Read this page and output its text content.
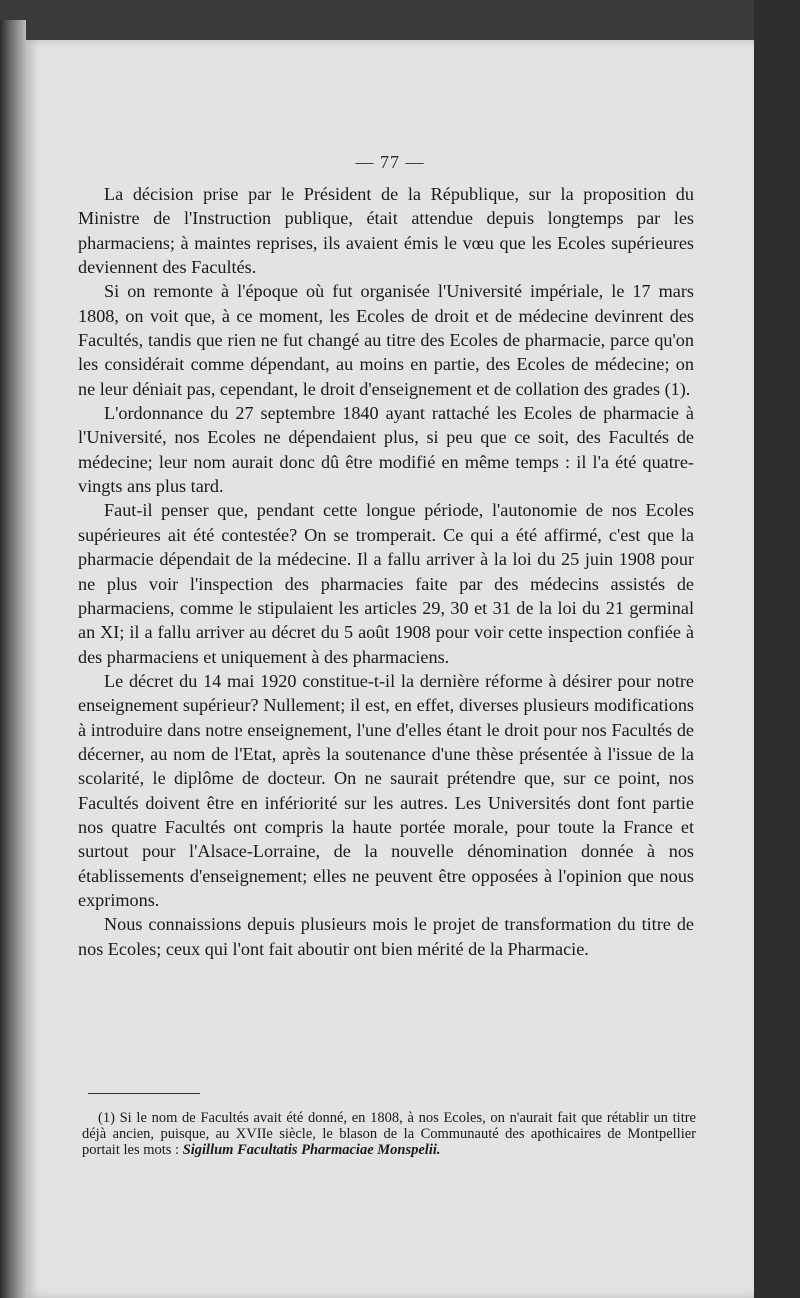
— 77 —

La décision prise par le Président de la République, sur la proposition du Ministre de l'Instruction publique, était attendue depuis longtemps par les pharmaciens; à maintes reprises, ils avaient émis le vœu que les Ecoles supérieures deviennent des Facultés.

Si on remonte à l'époque où fut organisée l'Université impériale, le 17 mars 1808, on voit que, à ce moment, les Ecoles de droit et de médecine devinrent des Facultés, tandis que rien ne fut changé au titre des Ecoles de pharmacie, parce qu'on les considérait comme dépendant, au moins en partie, des Ecoles de médecine; on ne leur déniait pas, cependant, le droit d'enseignement et de collation des grades (1).

L'ordonnance du 27 septembre 1840 ayant rattaché les Ecoles de pharmacie à l'Université, nos Ecoles ne dépendaient plus, si peu que ce soit, des Facultés de médecine; leur nom aurait donc dû être modifié en même temps : il l'a été quatre-vingts ans plus tard.

Faut-il penser que, pendant cette longue période, l'autonomie de nos Ecoles supérieures ait été contestée? On se tromperait. Ce qui a été affirmé, c'est que la pharmacie dépendait de la médecine. Il a fallu arriver à la loi du 25 juin 1908 pour ne plus voir l'inspection des pharmacies faite par des médecins assistés de pharmaciens, comme le stipulaient les articles 29, 30 et 31 de la loi du 21 germinal an XI; il a fallu arriver au décret du 5 août 1908 pour voir cette inspection confiée à des pharmaciens et uniquement à des pharmaciens.

Le décret du 14 mai 1920 constitue-t-il la dernière réforme à désirer pour notre enseignement supérieur? Nullement; il est, en effet, diverses plusieurs modifications à introduire dans notre enseignement, l'une d'elles étant le droit pour nos Facultés de décerner, au nom de l'Etat, après la soutenance d'une thèse présentée à l'issue de la scolarité, le diplôme de docteur. On ne saurait prétendre que, sur ce point, nos Facultés doivent être en infériorité sur les autres. Les Universités dont font partie nos quatre Facultés ont compris la haute portée morale, pour toute la France et surtout pour l'Alsace-Lorraine, de la nouvelle dénomination donnée à nos établissements d'enseignement; elles ne peuvent être opposées à l'opinion que nous exprimons.

Nous connaissions depuis plusieurs mois le projet de transformation du titre de nos Ecoles; ceux qui l'ont fait aboutir ont bien mérité de la Pharmacie.

(1) Si le nom de Facultés avait été donné, en 1808, à nos Ecoles, on n'aurait fait que rétablir un titre déjà ancien, puisque, au XVIIe siècle, le blason de la Communauté des apothicaires de Montpellier portait les mots : Sigillum Facultatis Pharmaciae Monspelii.
